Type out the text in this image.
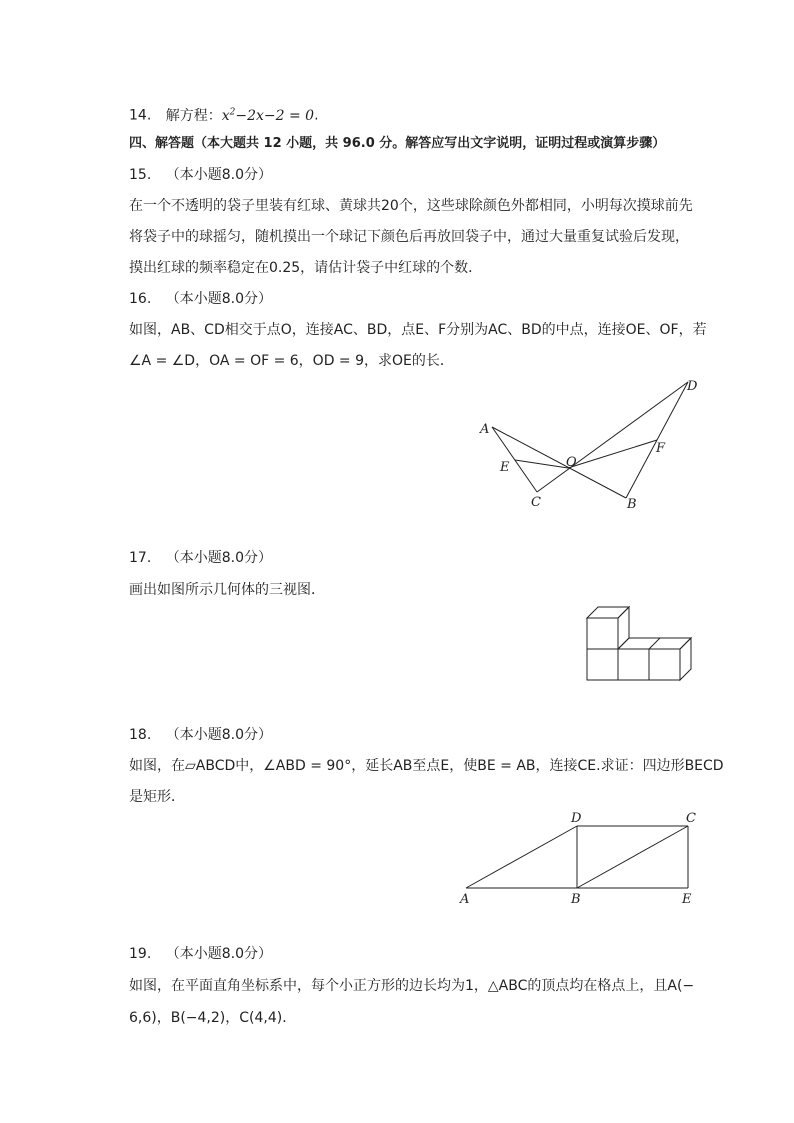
14. 解方程：$x^2-2x-2 = 0$.
四、解答题（本大题共 12 小题，共 96.0 分。解答应写出文字说明，证明过程或演算步骤）
15. （本小题8.0分）
在一个不透明的袋子里装有红球、黄球共20个，这些球除颜色外都相同，小明每次摸球前先
将袋子中的球摇匀，随机摸出一个球记下颜色后再放回袋子中，通过大量重复试验后发现，
摸出红球的频率稳定在0.25，请估计袋子中红球的个数．
16. （本小题8.0分）
如图，AB、CD相交于点O，连接AC、BD，点E、F分别为AC、BD的中点，连接OE、OF，若
∠A = ∠D，OA = OF = 6，OD = 9，求OE的长．
A
B
C
D
E
F
O
17. （本小题8.0分）
画出如图所示几何体的三视图．
18. （本小题8.0分）
如图，在▱ABCD中，∠ABD = 90°，延长AB至点E，使BE = AB，连接CE.求证：四边形BECD
是矩形．
A	B
C
D
E
19. （本小题8.0分）
如图，在平面直角坐标系中，每个小正方形的边长均为1，△ABC的顶点均在格点上，且A(−
6,6)，B(−4,2)，C(4,4)．
